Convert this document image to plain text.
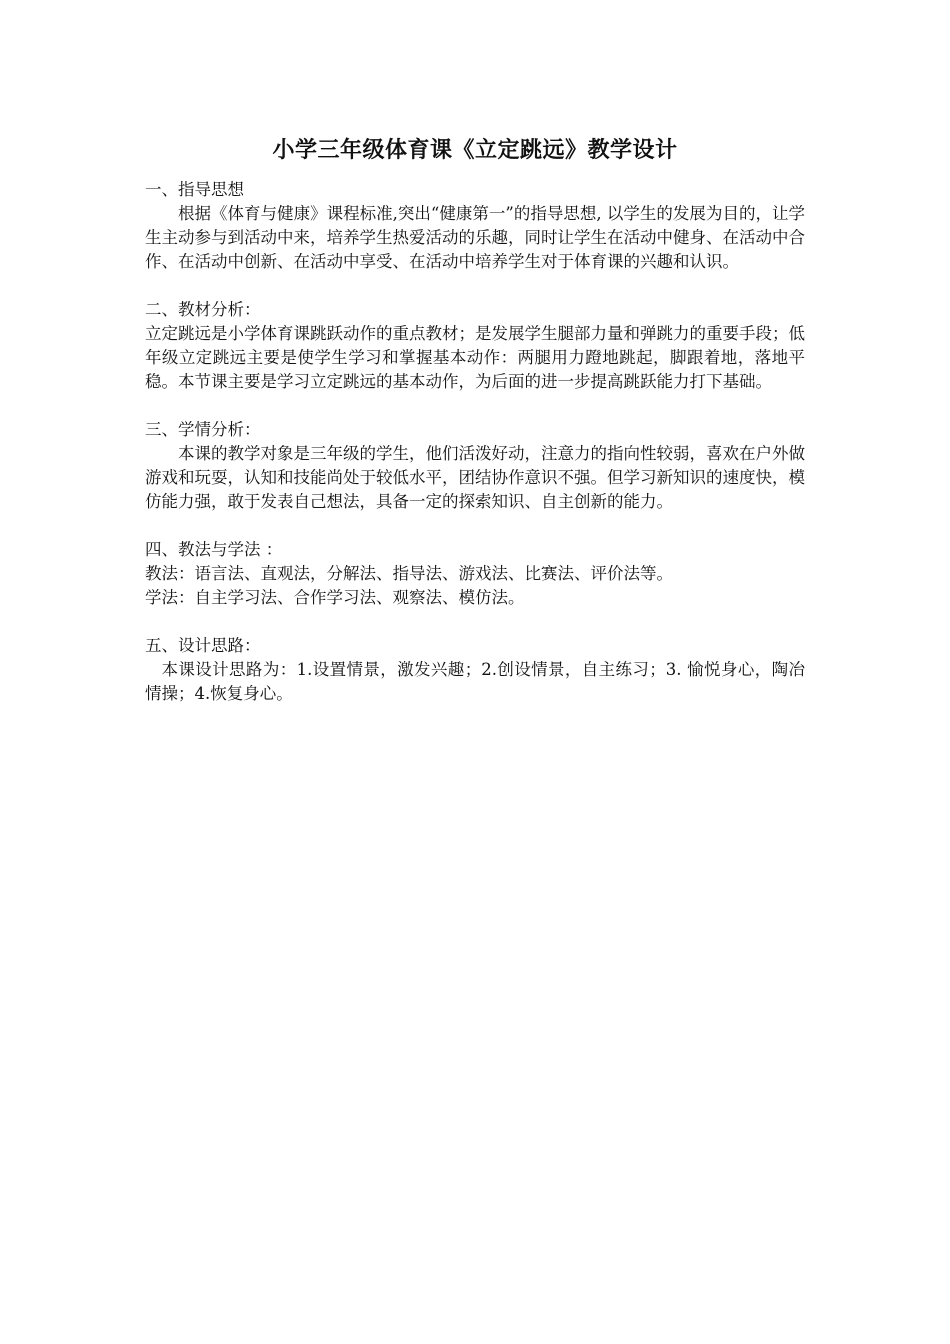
小学三年级体育课《立定跳远》教学设计

一、指导思想

根据《体育与健康》课程标准,突出“健康第一”的指导思想, 以学生的发展为目的，让学生主动参与到活动中来，培养学生热爱活动的乐趣，同时让学生在活动中健身、在活动中合作、在活动中创新、在活动中享受、在活动中培养学生对于体育课的兴趣和认识。

二、教材分析：

立定跳远是小学体育课跳跃动作的重点教材；是发展学生腿部力量和弹跳力的重要手段；低年级立定跳远主要是使学生学习和掌握基本动作：两腿用力蹬地跳起，脚跟着地，落地平稳。本节课主要是学习立定跳远的基本动作，为后面的进一步提高跳跃能力打下基础。

三、学情分析：

本课的教学对象是三年级的学生，他们活泼好动，注意力的指向性较弱，喜欢在户外做游戏和玩耍，认知和技能尚处于较低水平，团结协作意识不强。但学习新知识的速度快，模仿能力强，敢于发表自己想法，具备一定的探索知识、自主创新的能力。

四、教法与学法 ：

教法：语言法、直观法，分解法、指导法、游戏法、比赛法、评价法等。

学法：自主学习法、合作学习法、观察法、模仿法。

五、设计思路：

本课设计思路为：1.设置情景，激发兴趣；2.创设情景，自主练习；3. 愉悦身心，陶冶情操；4.恢复身心。
